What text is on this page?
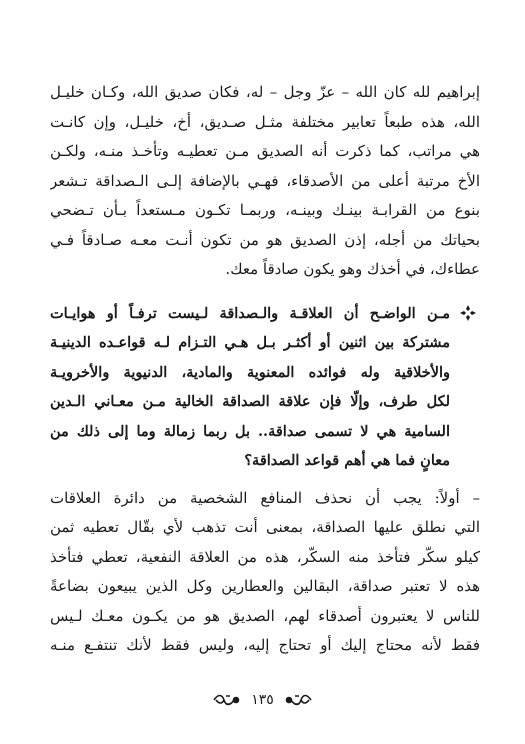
إبراهيم لله كان الله – عزّ وجل – له، فكان صديق الله، وكـان خليـل
الله، هذه طبعاً تعابير مختلفة مثـل صـديق، أخ، خليـل، وإن كانـت
هي مراتب، كما ذكرت أنه الصديق مـن تعطيـه وتأخـذ منـه، ولكـن
الأخ مرتبة أعلى من الأصدقاء، فهـي بالإضافة إلـى الـصداقة تـشعر
بنوع من القرابـة بينـك وبينـه، وربمـا تكـون مـستعداً بـأن تـضحي
بحياتك من أجله، إذن الصديق هو من تكون أنـت معـه صـادقاً فـي
عطاءك، في أخذك وهو يكون صادقاً معك.
مـن الواضـح أن العلاقـة والـصداقة لـيست ترفـاً أو هوايـات
مشتركة بين اثنين أو أكثـر بـل هـي التـزام لـه قواعـده الدينيـة
والأخلاقية وله فوائده المعنوية والمادية، الدنيوية والأخرويـة
لكل طرف، وإلّا فإن علاقة الصداقة الخالية مـن معـاني الـدين
السامية هي لا تسمى صداقة.. بل ربما زمالة وما إلى ذلك من
معانٍ فما هي أهم قواعد الصداقة؟
– أولاً: يجب أن نحذف المنافع الشخصية من دائرة العلاقات
التي نطلق عليها الصداقة، بمعنى أنت تذهب لأي بقّال تعطيه ثمن
كيلو سكّر فتأخذ منه السكّر، هذه من العلاقة النفعية، تعطي فتأخذ
هذه لا تعتبر صداقة، البقالين والعطارين وكل الذين يبيعون بضاعةً
للناس لا يعتبرون أصدقاء لهم، الصديق هو من يكـون معـك لـيس
فقط لأنه محتاج إليك أو تحتاج إليه، وليس فقط لأنك تنتفـع منـه
١٣٥
